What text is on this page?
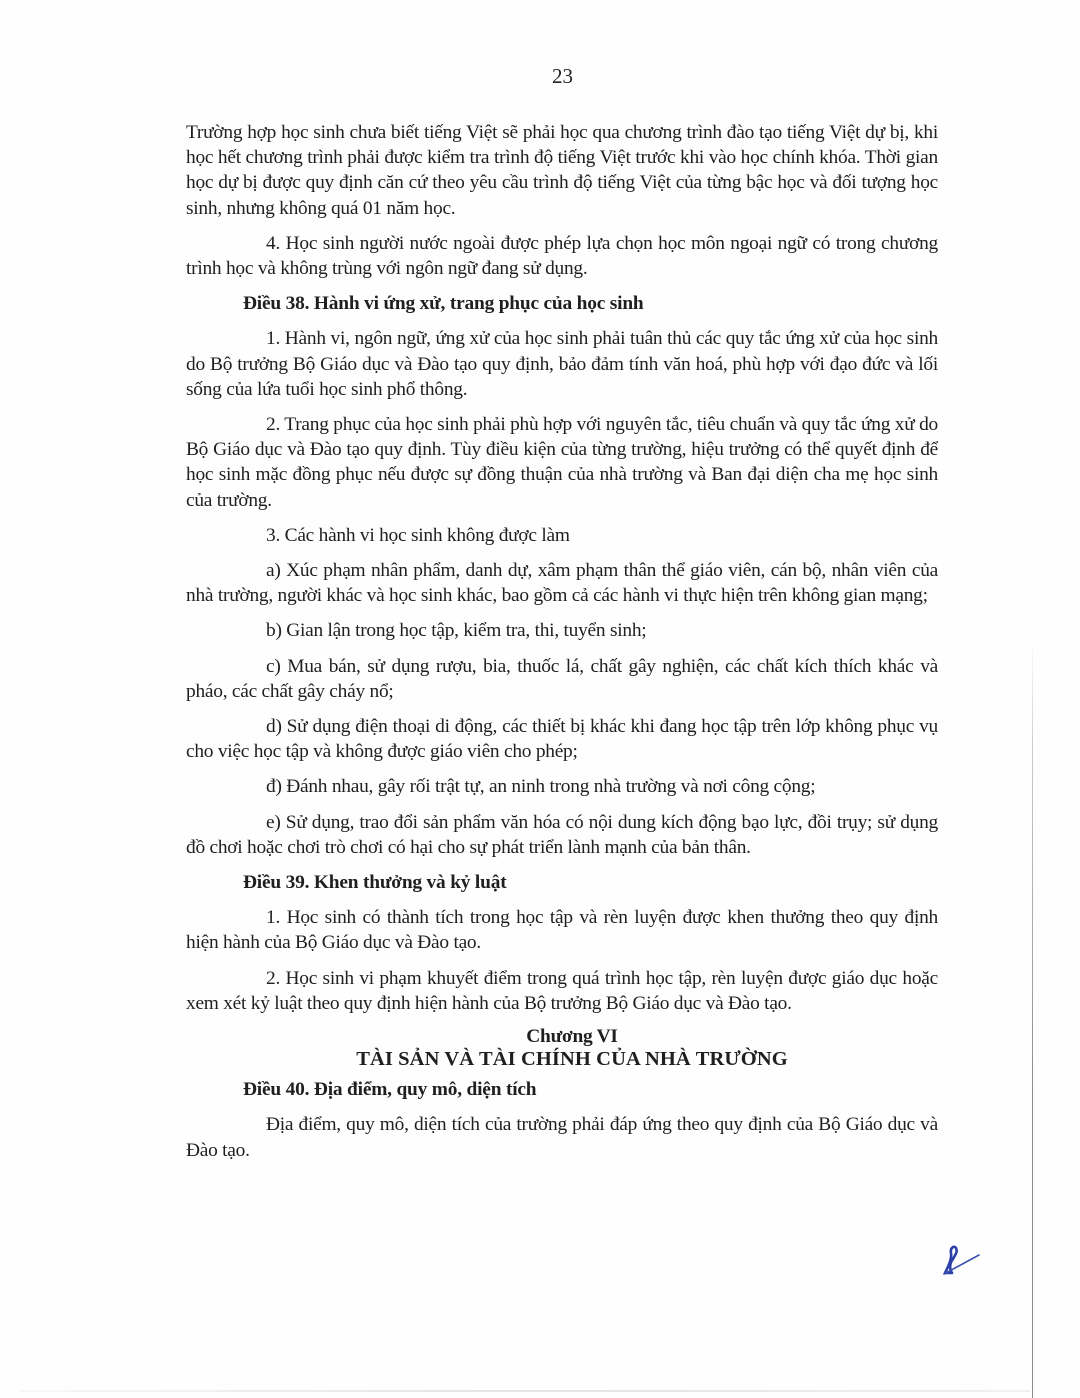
23

Trường hợp học sinh chưa biết tiếng Việt sẽ phải học qua chương trình đào tạo tiếng Việt dự bị, khi học hết chương trình phải được kiểm tra trình độ tiếng Việt trước khi vào học chính khóa. Thời gian học dự bị được quy định căn cứ theo yêu cầu trình độ tiếng Việt của từng bậc học và đối tượng học sinh, nhưng không quá 01 năm học.

4. Học sinh người nước ngoài được phép lựa chọn học môn ngoại ngữ có trong chương trình học và không trùng với ngôn ngữ đang sử dụng.

Điều 38. Hành vi ứng xử, trang phục của học sinh

1. Hành vi, ngôn ngữ, ứng xử của học sinh phải tuân thủ các quy tắc ứng xử của học sinh do Bộ trưởng Bộ Giáo dục và Đào tạo quy định, bảo đảm tính văn hoá, phù hợp với đạo đức và lối sống của lứa tuổi học sinh phổ thông.

2. Trang phục của học sinh phải phù hợp với nguyên tắc, tiêu chuẩn và quy tắc ứng xử do Bộ Giáo dục và Đào tạo quy định. Tùy điều kiện của từng trường, hiệu trưởng có thể quyết định để học sinh mặc đồng phục nếu được sự đồng thuận của nhà trường và Ban đại diện cha mẹ học sinh của trường.

3. Các hành vi học sinh không được làm

a) Xúc phạm nhân phẩm, danh dự, xâm phạm thân thể giáo viên, cán bộ, nhân viên của nhà trường, người khác và học sinh khác, bao gồm cả các hành vi thực hiện trên không gian mạng;

b) Gian lận trong học tập, kiểm tra, thi, tuyển sinh;

c) Mua bán, sử dụng rượu, bia, thuốc lá, chất gây nghiện, các chất kích thích khác và pháo, các chất gây cháy nổ;

d) Sử dụng điện thoại di động, các thiết bị khác khi đang học tập trên lớp không phục vụ cho việc học tập và không được giáo viên cho phép;

đ) Đánh nhau, gây rối trật tự, an ninh trong nhà trường và nơi công cộng;

e) Sử dụng, trao đổi sản phẩm văn hóa có nội dung kích động bạo lực, đồi trụy; sử dụng đồ chơi hoặc chơi trò chơi có hại cho sự phát triển lành mạnh của bản thân.

Điều 39. Khen thưởng và kỷ luật

1. Học sinh có thành tích trong học tập và rèn luyện được khen thưởng theo quy định hiện hành của Bộ Giáo dục và Đào tạo.

2. Học sinh vi phạm khuyết điểm trong quá trình học tập, rèn luyện được giáo dục hoặc xem xét kỷ luật theo quy định hiện hành của Bộ trưởng Bộ Giáo dục và Đào tạo.

Chương VI
TÀI SẢN VÀ TÀI CHÍNH CỦA NHÀ TRƯỜNG
Điều 40. Địa điểm, quy mô, diện tích

Địa điểm, quy mô, diện tích của trường phải đáp ứng theo quy định của Bộ Giáo dục và Đào tạo.
